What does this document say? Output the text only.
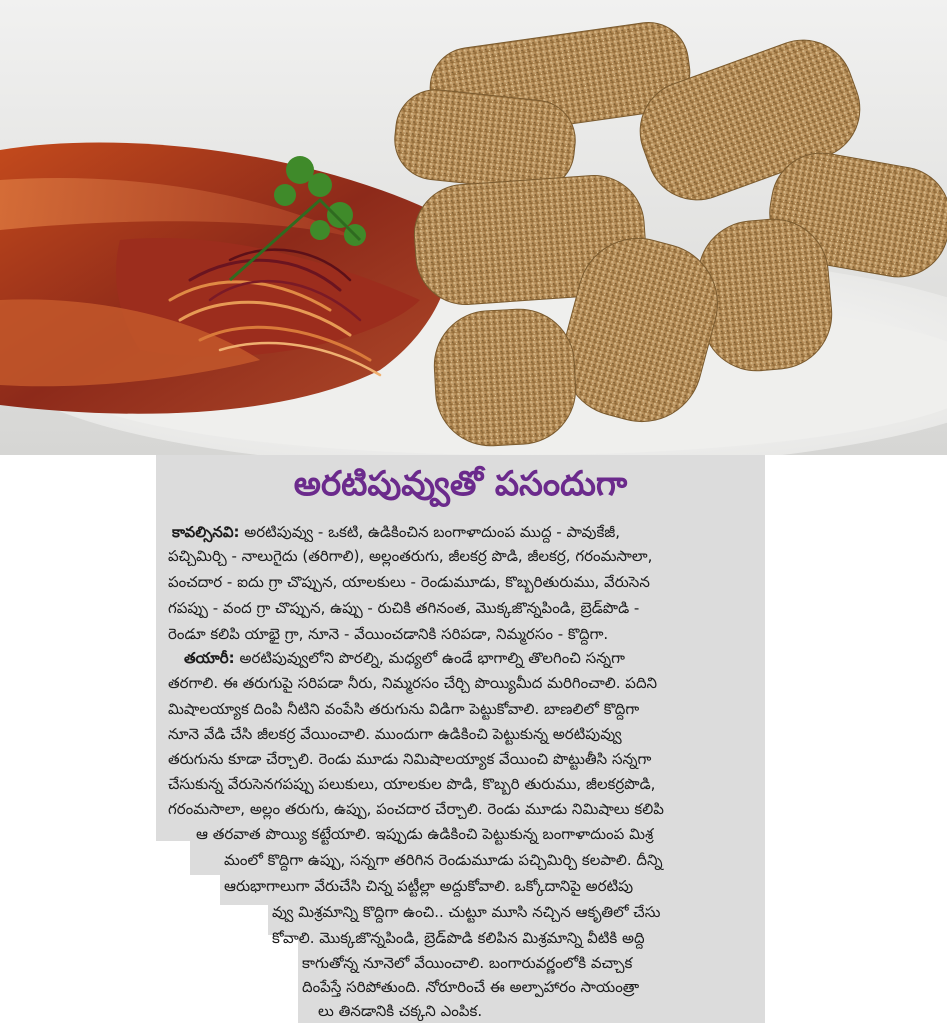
అరటిపువ్వుతో పసందుగా
కావల్సినవి: అరటిపువ్వు - ఒకటి, ఉడికించిన బంగాళాదుంప ముద్ద - పావుకేజీ,
పచ్చిమిర్చి - నాలుగైదు (తరిగాలి), అల్లంతరుగు, జీలకర్ర పొడి, జీలకర్ర, గరంమసాలా,
పంచదార - ఐదు గ్రా చొప్పున, యాలకులు - రెండుమూడు, కొబ్బరితురుము, వేరుసెన
గపప్పు - వంద గ్రా చొప్పున, ఉప్పు - రుచికి తగినంత, మొక్కజొన్నపిండి, బ్రెడ్‌పొడి -
రెండూ కలిపి యాభై గ్రా, నూనె - వేయించడానికి సరిపడా, నిమ్మరసం - కొద్దిగా.
తయారీ: అరటిపువ్వులోని పొరల్ని, మధ్యలో ఉండే భాగాల్ని తొలగించి సన్నగా
తరగాలి. ఈ తరుగుపై సరిపడా నీరు, నిమ్మరసం చేర్చి పొయ్యిమీద మరిగించాలి. పదిని
మిషాలయ్యాక దింపి నీటిని వంపేసి తరుగును విడిగా పెట్టుకోవాలి. బాణలిలో కొద్దిగా
నూనె వేడి చేసి జీలకర్ర వేయించాలి. ముందుగా ఉడికించి పెట్టుకున్న అరటిపువ్వు
తరుగును కూడా చేర్చాలి. రెండు మూడు నిమిషాలయ్యాక వేయించి పొట్టుతీసి సన్నగా
చేసుకున్న వేరుసెనగపప్పు పలుకులు, యాలకుల పొడి, కొబ్బరి తురుము, జీలకర్రపొడి,
గరంమసాలా, అల్లం తరుగు, ఉప్పు, పంచదార చేర్చాలి. రెండు మూడు నిమిషాలు కలిపి
ఆ తరవాత పొయ్యి కట్టేయాలి. ఇప్పుడు ఉడికించి పెట్టుకున్న బంగాళాదుంప మిశ్ర
మంలో కొద్దిగా ఉప్పు, సన్నగా తరిగిన రెండుమూడు పచ్చిమిర్చి కలపాలి. దీన్ని
ఆరుభాగాలుగా వేరుచేసి చిన్న పట్టీల్లా అద్దుకోవాలి. ఒక్కోదానిపై అరటిపు
వ్వు మిశ్రమాన్ని కొద్దిగా ఉంచి.. చుట్టూ మూసి నచ్చిన ఆకృతిలో చేసు
కోవాలి. మొక్కజొన్నపిండి, బ్రెడ్‌పొడి కలిపిన మిశ్రమాన్ని వీటికి అద్ది
కాగుతోన్న నూనెలో వేయించాలి. బంగారువర్ణంలోకి వచ్చాక
దింపేస్తే సరిపోతుంది. నోరూరించే ఈ అల్పాహారం సాయంత్రా
లు తినడానికి చక్కని ఎంపిక.
